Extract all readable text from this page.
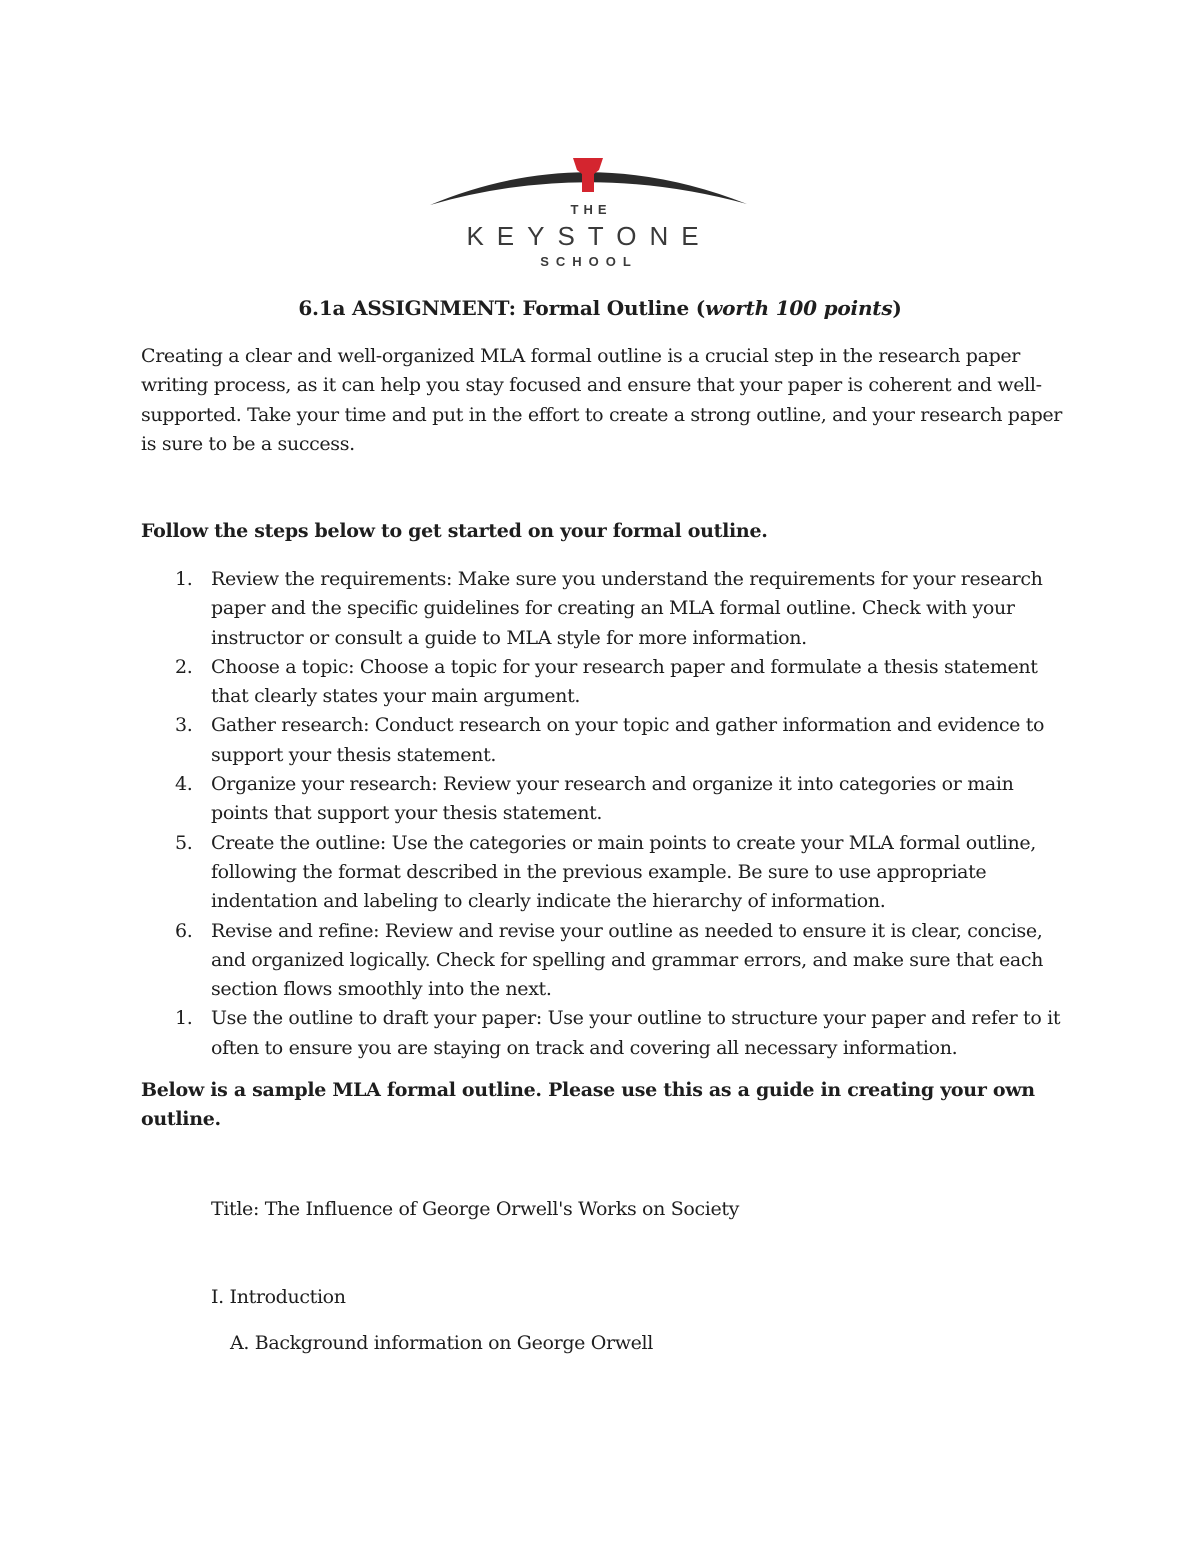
THE
KEYSTONE
SCHOOL
6.1a ASSIGNMENT: Formal Outline (worth 100 points)

Creating a clear and well-organized MLA formal outline is a crucial step in the research paper writing process, as it can help you stay focused and ensure that your paper is coherent and well-supported. Take your time and put in the effort to create a strong outline, and your research paper is sure to be a success.

Follow the steps below to get started on your formal outline.

1. Review the requirements: Make sure you understand the requirements for your research paper and the specific guidelines for creating an MLA formal outline. Check with your instructor or consult a guide to MLA style for more information.
2. Choose a topic: Choose a topic for your research paper and formulate a thesis statement that clearly states your main argument.
3. Gather research: Conduct research on your topic and gather information and evidence to support your thesis statement.
4. Organize your research: Review your research and organize it into categories or main points that support your thesis statement.
5. Create the outline: Use the categories or main points to create your MLA formal outline, following the format described in the previous example. Be sure to use appropriate indentation and labeling to clearly indicate the hierarchy of information.
6. Revise and refine: Review and revise your outline as needed to ensure it is clear, concise, and organized logically. Check for spelling and grammar errors, and make sure that each section flows smoothly into the next.
1. Use the outline to draft your paper: Use your outline to structure your paper and refer to it often to ensure you are staying on track and covering all necessary information.

Below is a sample MLA formal outline. Please use this as a guide in creating your own outline.

Title: The Influence of George Orwell's Works on Society

I. Introduction

A. Background information on George Orwell
